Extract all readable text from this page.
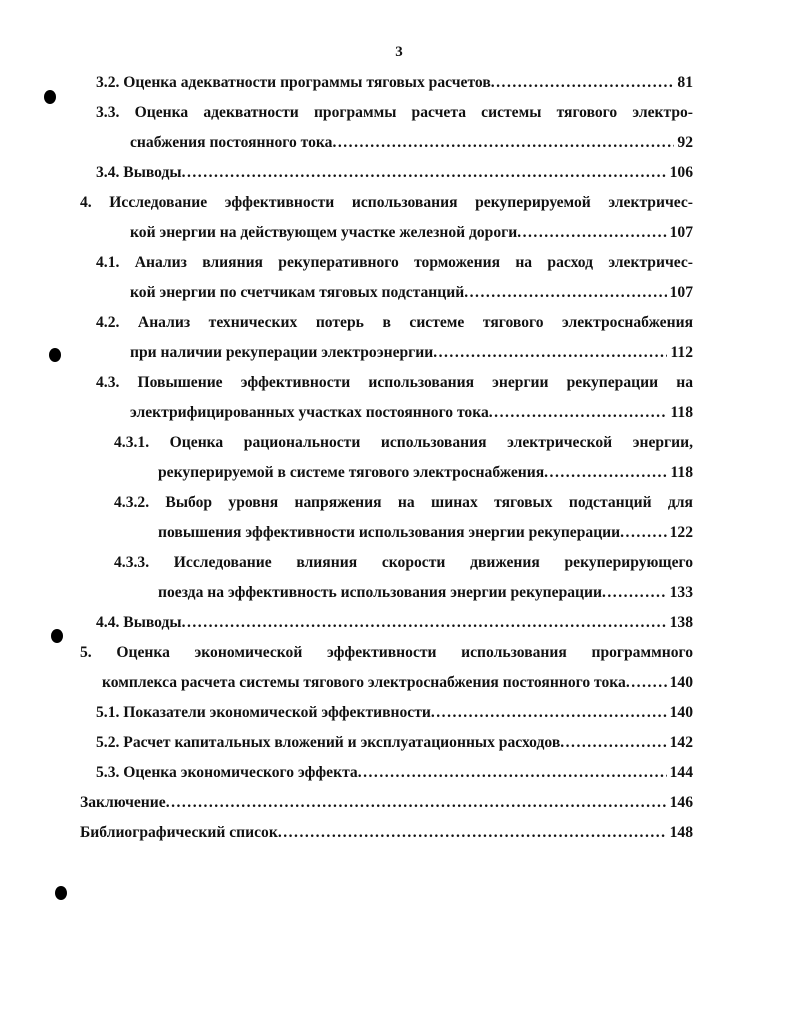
3
3.2. Оценка адекватности программы тяговых расчетов .....	81
3.3. Оценка адекватности программы расчета системы тягового электро-
снабжения постоянного тока .....	92
3.4. Выводы .....	106
4. Исследование эффективности использования рекуперируемой электричес-
кой энергии на действующем участке железной дороги .....	107
4.1. Анализ влияния рекуперативного торможения на расход электричес-
кой энергии по счетчикам тяговых подстанций .....	107
4.2. Анализ технических потерь в системе тягового электроснабжения
при наличии рекуперации электроэнергии .....	112
4.3. Повышение эффективности использования энергии рекуперации на
электрифицированных участках постоянного тока .....	118
4.3.1. Оценка рациональности использования электрической энергии,
рекуперируемой в системе тягового электроснабжения .....	118
4.3.2. Выбор уровня напряжения на шинах тяговых подстанций для
повышения эффективности использования энергии рекуперации .....	122
4.3.3. Исследование влияния скорости движения рекуперирующего
поезда на эффективность использования энергии рекуперации .....	133
4.4. Выводы .....	138
5. Оценка экономической эффективности использования программного
комплекса расчета системы тягового электроснабжения постоянного тока .....	140
5.1. Показатели экономической эффективности .....	140
5.2. Расчет капитальных вложений и эксплуатационных расходов .....	142
5.3. Оценка экономического эффекта .....	144
Заключение .....	146
Библиографический список .....	148
